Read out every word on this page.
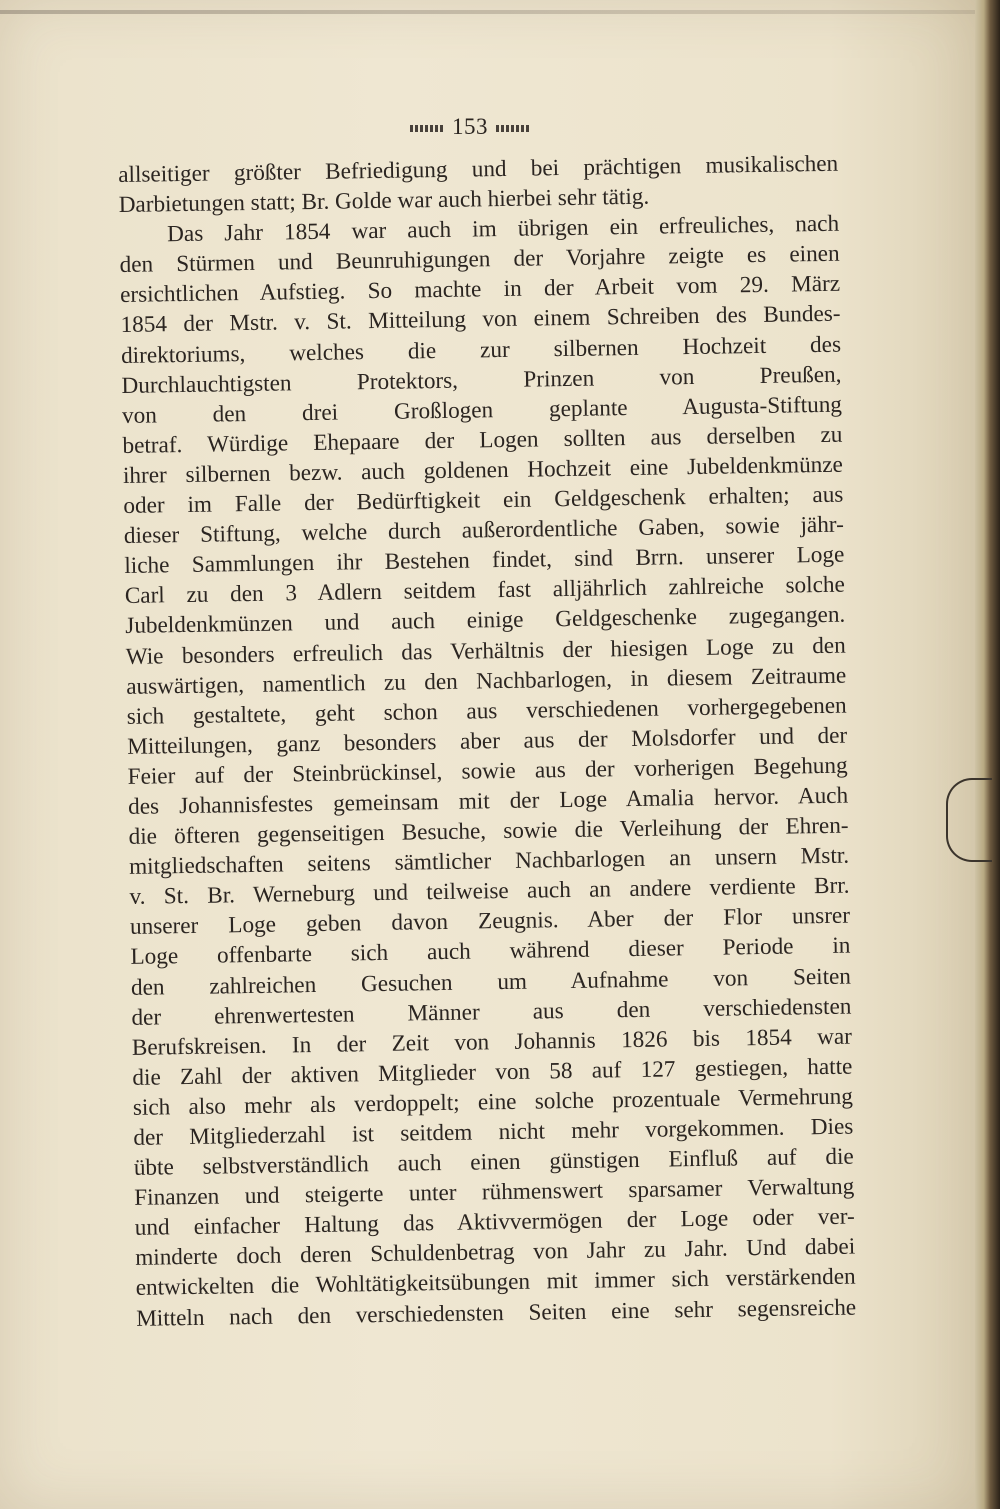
153
allseitiger größter Befriedigung und bei prächtigen musikalischen
Darbietungen statt; Br. Golde war auch hierbei sehr tätig.
Das Jahr 1854 war auch im übrigen ein erfreuliches, nach
den Stürmen und Beunruhigungen der Vorjahre zeigte es einen
ersichtlichen Aufstieg. So machte in der Arbeit vom 29. März
1854 der Mstr. v. St. Mitteilung von einem Schreiben des Bundes-
direktoriums, welches die zur silbernen Hochzeit des
Durchlauchtigsten Protektors, Prinzen von Preußen,
von den drei Großlogen geplante Augusta-Stiftung
betraf. Würdige Ehepaare der Logen sollten aus derselben zu
ihrer silbernen bezw. auch goldenen Hochzeit eine Jubeldenkmünze
oder im Falle der Bedürftigkeit ein Geldgeschenk erhalten; aus
dieser Stiftung, welche durch außerordentliche Gaben, sowie jähr-
liche Sammlungen ihr Bestehen findet, sind Brrn. unserer Loge
Carl zu den 3 Adlern seitdem fast alljährlich zahlreiche solche
Jubeldenkmünzen und auch einige Geldgeschenke zugegangen.
Wie besonders erfreulich das Verhältnis der hiesigen Loge zu den
auswärtigen, namentlich zu den Nachbarlogen, in diesem Zeitraume
sich gestaltete, geht schon aus verschiedenen vorhergegebenen
Mitteilungen, ganz besonders aber aus der Molsdorfer und der
Feier auf der Steinbrückinsel, sowie aus der vorherigen Begehung
des Johannisfestes gemeinsam mit der Loge Amalia hervor. Auch
die öfteren gegenseitigen Besuche, sowie die Verleihung der Ehren-
mitgliedschaften seitens sämtlicher Nachbarlogen an unsern Mstr.
v. St. Br. Werneburg und teilweise auch an andere verdiente Brr.
unserer Loge geben davon Zeugnis. Aber der Flor unsrer
Loge offenbarte sich auch während dieser Periode in
den zahlreichen Gesuchen um Aufnahme von Seiten
der ehrenwertesten Männer aus den verschiedensten
Berufskreisen. In der Zeit von Johannis 1826 bis 1854 war
die Zahl der aktiven Mitglieder von 58 auf 127 gestiegen, hatte
sich also mehr als verdoppelt; eine solche prozentuale Vermehrung
der Mitgliederzahl ist seitdem nicht mehr vorgekommen. Dies
übte selbstverständlich auch einen günstigen Einfluß auf die
Finanzen und steigerte unter rühmenswert sparsamer Verwaltung
und einfacher Haltung das Aktivvermögen der Loge oder ver-
minderte doch deren Schuldenbetrag von Jahr zu Jahr. Und dabei
entwickelten die Wohltätigkeitsübungen mit immer sich verstärkenden
Mitteln nach den verschiedensten Seiten eine sehr segensreiche
